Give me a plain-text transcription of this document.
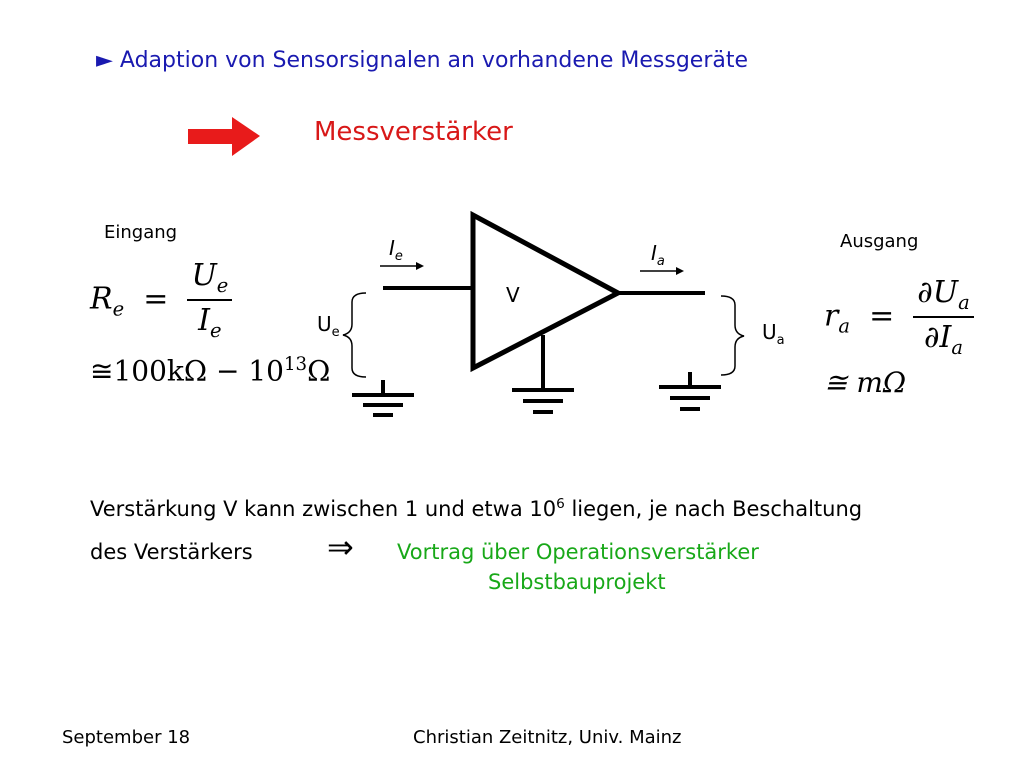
► Adaption von Sensorsignalen an vorhandene Messgeräte
Messverstärker
V
$I_e$	$I_a$
$U_e$	$U_a$
Eingang
$R_e = \frac{U_e}{I_e}$
≅100kΩ − $10^{13}\Omega$
Ausgang
$r_a = \frac{\partial U_a}{\partial I_a}$
≅ mΩ
Verstärkung V kann zwischen 1 und etwa $10^6$ liegen, je nach Beschaltung
des Verstärkers ⇒ Vortrag über Operationsverstärker
Selbstbauprojekt
September 18	Christian Zeitnitz, Univ. Mainz
